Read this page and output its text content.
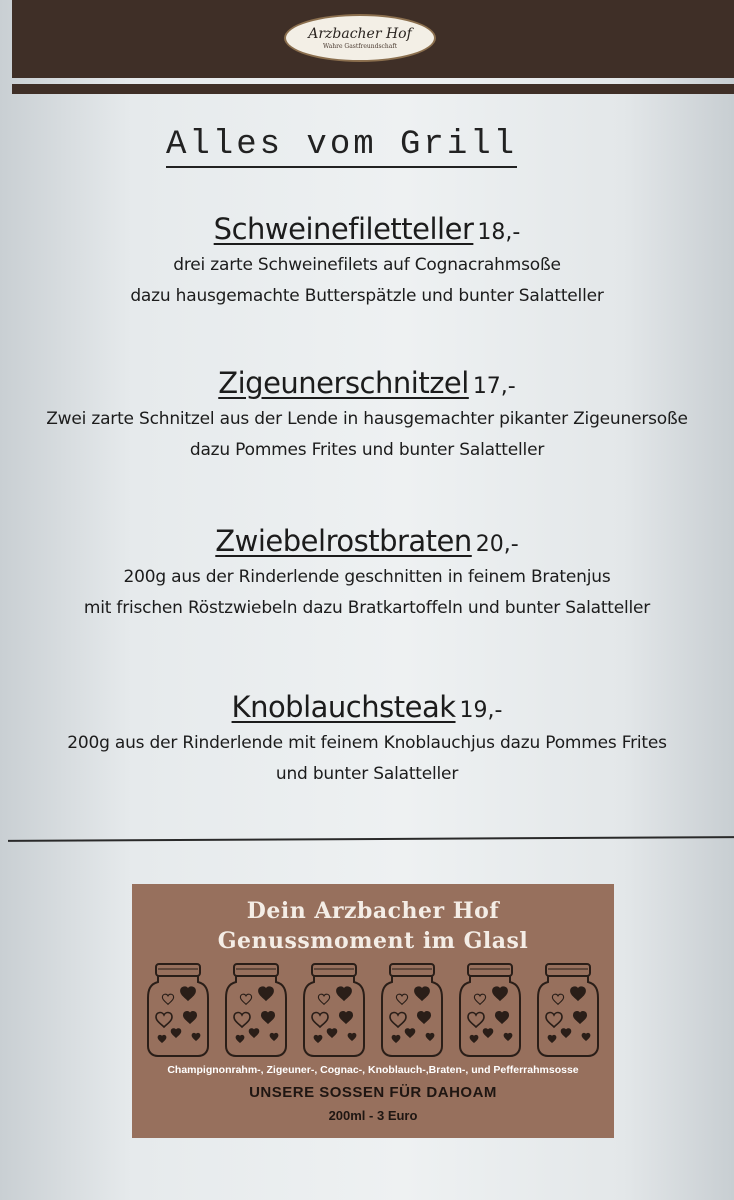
Arzbacher Hof
Wahre Gastfreundschaft
Alles vom Grill
Schweinefiletteller 18,-
drei zarte Schweinefilets auf Cognacrahmsoße
dazu hausgemachte Butterspätzle und bunter Salatteller
Zigeunerschnitzel 17,-
Zwei zarte Schnitzel aus der Lende in hausgemachter pikanter Zigeunersoße
dazu Pommes Frites und bunter Salatteller
Zwiebelrostbraten 20,-
200g aus der Rinderlende geschnitten in feinem Bratenjus
mit frischen Röstzwiebeln dazu Bratkartoffeln und bunter Salatteller
Knoblauchsteak 19,-
200g aus der Rinderlende mit feinem Knoblauchjus dazu Pommes Frites
und bunter Salatteller
Dein Arzbacher Hof
Genussmoment im Glasl
Champignonrahm-, Zigeuner-, Cognac-, Knoblauch-,Braten-, und Pefferrahmsosse
UNSERE SOSSEN FÜR DAHOAM
200ml - 3 Euro
